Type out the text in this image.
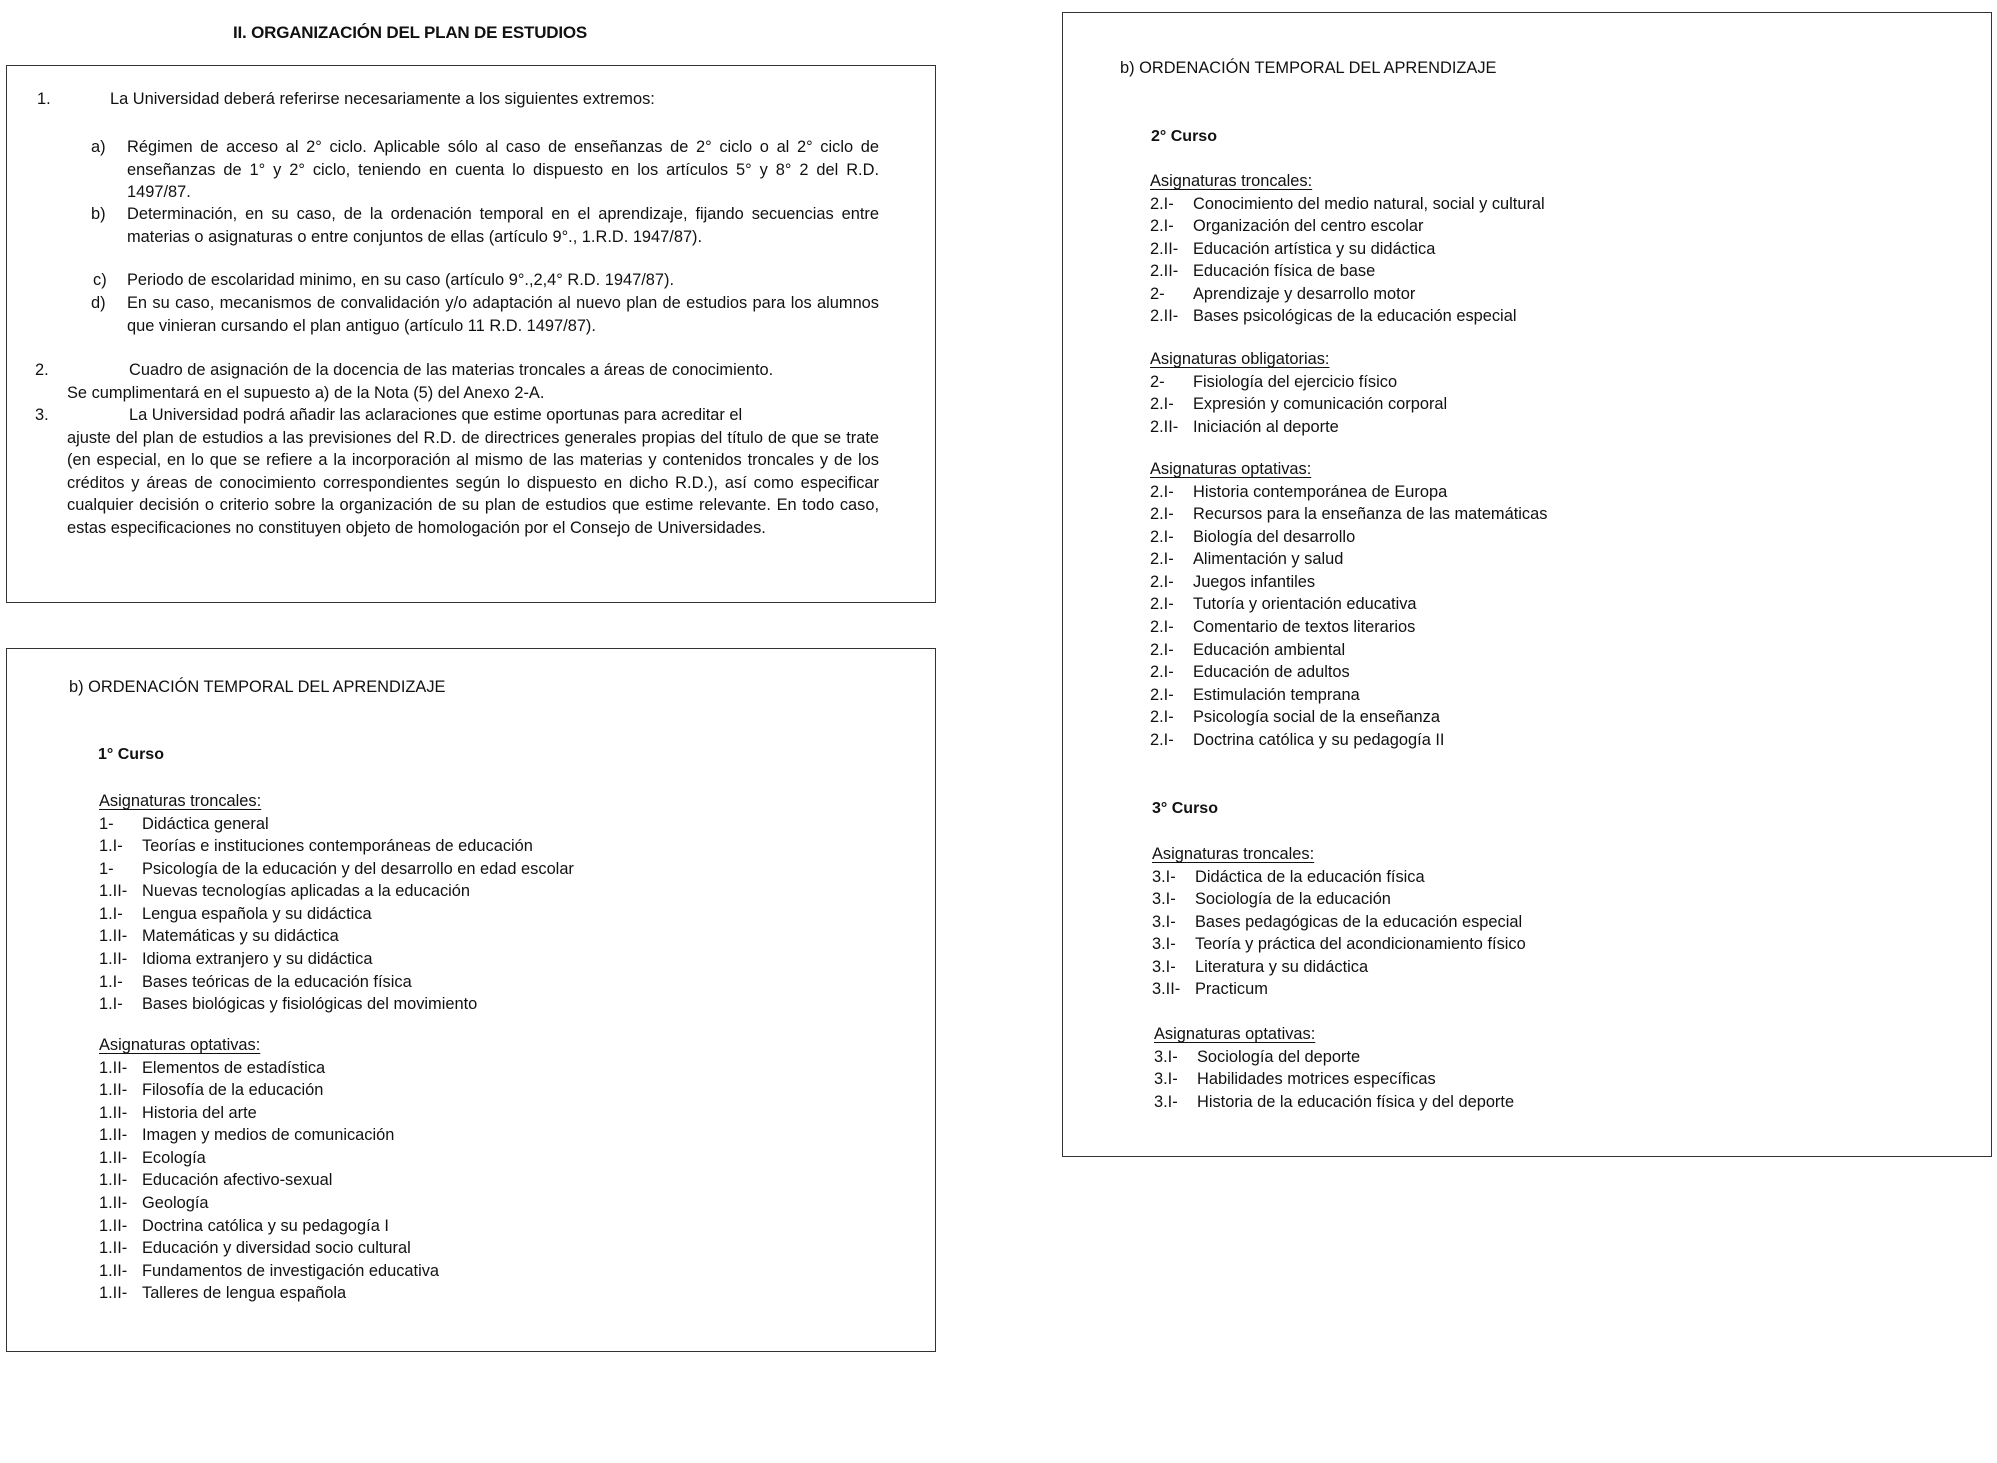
II. ORGANIZACIÓN DEL PLAN DE ESTUDIOS
1.	La Universidad deberá referirse necesariamente a los siguientes extremos:
a) Régimen de acceso al 2° ciclo. Aplicable sólo al caso de enseñanzas de 2° ciclo o al 2° ciclo de enseñanzas de 1° y 2° ciclo, teniendo en cuenta lo dispuesto en los artículos 5° y 8° 2 del R.D. 1497/87.
b) Determinación, en su caso, de la ordenación temporal en el aprendizaje, fijando secuencias entre materias o asignaturas o entre conjuntos de ellas (artículo 9°., 1.R.D. 1947/87).
c) Periodo de escolaridad minimo, en su caso (artículo 9°.,2,4° R.D. 1947/87).
d) En su caso, mecanismos de convalidación y/o adaptación al nuevo plan de estudios para los alumnos que vinieran cursando el plan antiguo (artículo 11 R.D. 1497/87).
2.	Cuadro de asignación de la docencia de las materias troncales a áreas de conocimiento.
Se cumplimentará en el supuesto a) de la Nota (5) del Anexo 2-A.
3.	La Universidad podrá añadir las aclaraciones que estime oportunas para acreditar el
ajuste del plan de estudios a las previsiones del R.D. de directrices generales propias del título de que se trate (en especial, en lo que se refiere a la incorporación al mismo de las materias y contenidos troncales y de los créditos y áreas de conocimiento correspondientes según lo dispuesto en dicho R.D.), así como especificar cualquier decisión o criterio sobre la organización de su plan de estudios que estime relevante. En todo caso, estas especificaciones no constituyen objeto de homologación por el Consejo de Universidades.
b) ORDENACIÓN TEMPORAL DEL APRENDIZAJE
1° Curso
Asignaturas troncales:
1-	Didáctica general
1.I-	Teorías e instituciones contemporáneas de educación
1-	Psicología de la educación y del desarrollo en edad escolar
1.II- Nuevas tecnologías aplicadas a la educación
1.I-	Lengua española y su didáctica
1.II- Matemáticas y su didáctica
1.II- Idioma extranjero y su didáctica
1.I-	Bases teóricas de la educación física
1.I-	Bases biológicas y fisiológicas del movimiento
Asignaturas optativas:
1.II- Elementos de estadística
1.II- Filosofía de la educación
1.II- Historia del arte
1.II- Imagen y medios de comunicación
1.II- Ecología
1.II- Educación afectivo-sexual
1.II- Geología
1.II- Doctrina católica y su pedagogía I
1.II- Educación y diversidad socio cultural
1.II- Fundamentos de investigación educativa
1.II- Talleres de lengua española
b) ORDENACIÓN TEMPORAL DEL APRENDIZAJE
2° Curso
Asignaturas troncales:
2.I-	Conocimiento del medio natural, social y cultural
2.I-	Organización del centro escolar
2.II- Educación artística y su didáctica
2.II- Educación física de base
2-	Aprendizaje y desarrollo motor
2.II- Bases psicológicas de la educación especial
Asignaturas obligatorias:
2-	Fisiología del ejercicio físico
2.I-	Expresión y comunicación corporal
2.II- Iniciación al deporte
Asignaturas optativas:
2.I-	Historia contemporánea de Europa
2.I-	Recursos para la enseñanza de las matemáticas
2.I-	Biología del desarrollo
2.I-	Alimentación y salud
2.I-	Juegos infantiles
2.I-	Tutoría y orientación educativa
2.I-	Comentario de textos literarios
2.I-	Educación ambiental
2.I-	Educación de adultos
2.I-	Estimulación temprana
2.I-	Psicología social de la enseñanza
2.I-	Doctrina católica y su pedagogía II
3° Curso
Asignaturas troncales:
3.I-	Didáctica de la educación física
3.I-	Sociología de la educación
3.I-	Bases pedagógicas de la educación especial
3.I-	Teoría y práctica del acondicionamiento físico
3.I-	Literatura y su didáctica
3.II- Practicum
Asignaturas optativas:
3.I-	Sociología del deporte
3.I-	Habilidades motrices específicas
3.I-	Historia de la educación física y del deporte
